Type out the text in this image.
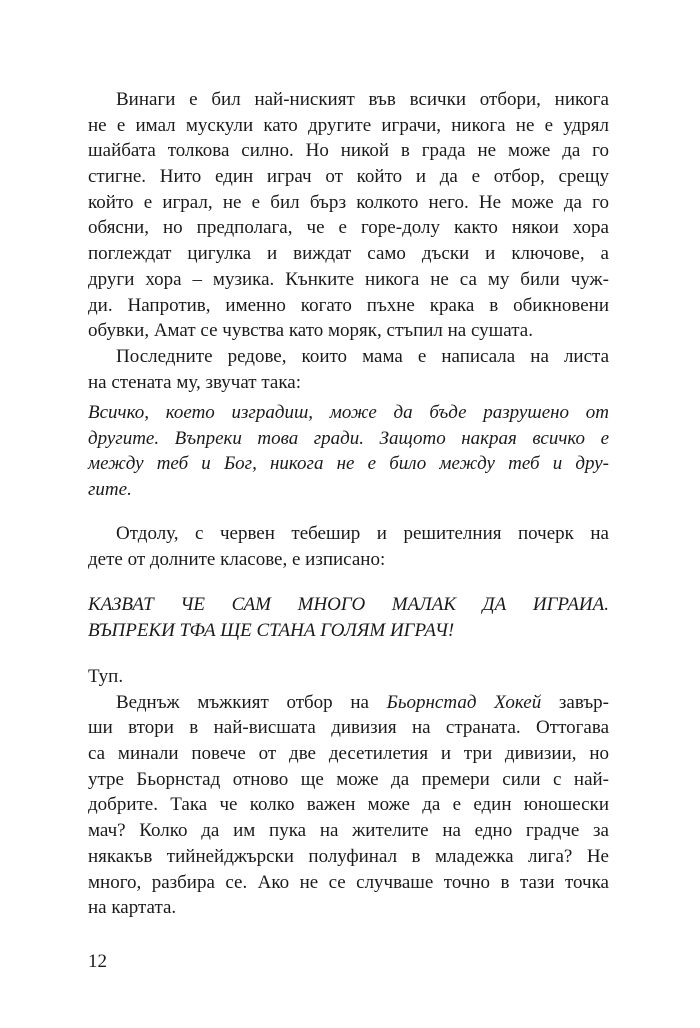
Винаги е бил най-ниският във всички отбори, никога
не е имал мускули като другите играчи, никога не е удрял
шайбата толкова силно. Но никой в града не може да го
стигне. Нито един играч от който и да е отбор, срещу
който е играл, не е бил бърз колкото него. Не може да го
обясни, но предполага, че е горе-долу както някои хора
поглеждат цигулка и виждат само дъски и ключове, а
други хора – музика. Кънките никога не са му били чуж-
ди. Напротив, именно когато пъхне крака в обикновени
обувки, Амат се чувства като моряк, стъпил на сушата.
Последните редове, които мама е написала на листа
на стената му, звучат така:
Всичко, което изградиш, може да бъде разрушено от
другите. Въпреки това гради. Защото накрая всичко е
между теб и Бог, никога не е било между теб и дру-
гите.
Отдолу, с червен тебешир и решителния почерк на
дете от долните класове, е изписано:
КАЗВАТ ЧЕ САМ МНОГО МАЛАК ДА ИГРАИА.
ВЪПРЕКИ ТФА ЩЕ СТАНА ГОЛЯМ ИГРАЧ!
Туп.
Веднъж мъжкият отбор на Бьорнстад Хокей завър-
ши втори в най-висшата дивизия на страната. Оттогава
са минали повече от две десетилетия и три дивизии, но
утре Бьорнстад отново ще може да премери сили с най-
добрите. Така че колко важен може да е един юношески
мач? Колко да им пука на жителите на едно градче за
някакъв тийнейджърски полуфинал в младежка лига? Не
много, разбира се. Ако не се случваше точно в тази точка
на картата.
12
